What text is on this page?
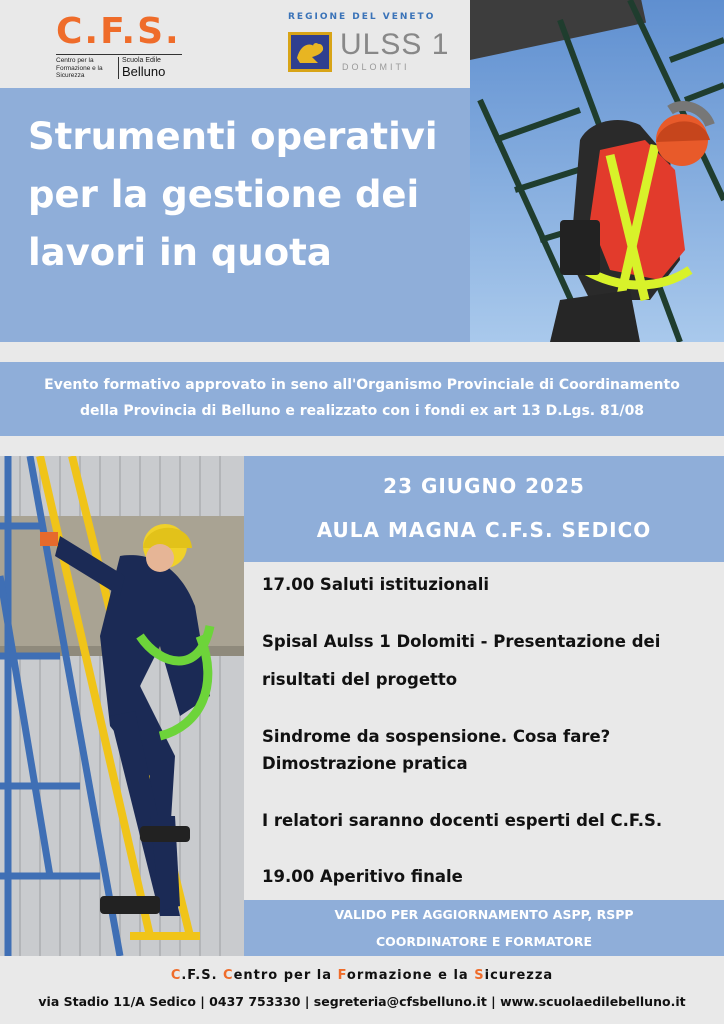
C.F.S.
Centro per la Formazione e la Sicurezza
Scuola Edile
Belluno
REGIONE DEL VENETO
ULSS 1
DOLOMITI
Strumenti operativi per la gestione dei lavori in quota
Evento formativo approvato in seno all'Organismo Provinciale di Coordinamento
della Provincia di Belluno e realizzato con i fondi ex art 13 D.Lgs. 81/08
23 GIUGNO 2025
AULA MAGNA C.F.S. SEDICO
17.00 Saluti istituzionali
Spisal Aulss 1 Dolomiti - Presentazione dei
risultati del progetto
Sindrome da sospensione. Cosa fare?
Dimostrazione pratica
I relatori saranno docenti esperti del C.F.S.
19.00 Aperitivo finale
VALIDO PER AGGIORNAMENTO ASPP, RSPP
COORDINATORE E FORMATORE
C.F.S. Centro per la Formazione e la Sicurezza
via Stadio 11/A Sedico | 0437 753330 | segreteria@cfsbelluno.it | www.scuolaedilebelluno.it
